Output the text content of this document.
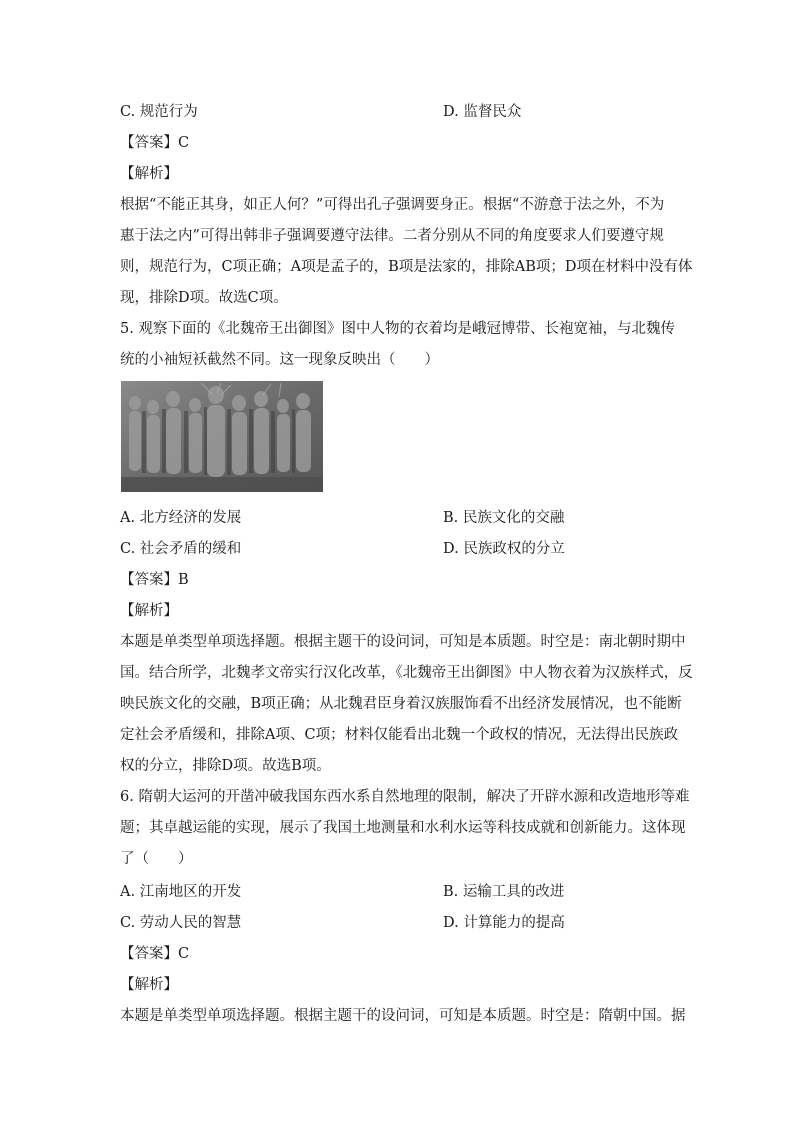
C. 规范行为	D. 监督民众
【答案】C
【解析】
根据“不能正其身，如正人何？”可得出孔子强调要身正。根据“不游意于法之外，不为
惠于法之内”可得出韩非子强调要遵守法律。二者分别从不同的角度要求人们要遵守规
则，规范行为，C项正确；A项是孟子的，B项是法家的，排除AB项；D项在材料中没有体
现，排除D项。故选C项。
5. 观察下面的《北魏帝王出御图》图中人物的衣着均是峨冠博带、长袍宽袖，与北魏传
统的小袖短袄截然不同。这一现象反映出（　　）
A. 北方经济的发展	B. 民族文化的交融
C. 社会矛盾的缓和	D. 民族政权的分立
【答案】B
【解析】
本题是单类型单项选择题。根据主题干的设问词，可知是本质题。时空是：南北朝时期中
国。结合所学，北魏孝文帝实行汉化改革，《北魏帝王出御图》中人物衣着为汉族样式，反
映民族文化的交融，B项正确；从北魏君臣身着汉族服饰看不出经济发展情况，也不能断
定社会矛盾缓和，排除A项、C项；材料仅能看出北魏一个政权的情况，无法得出民族政
权的分立，排除D项。故选B项。
6. 隋朝大运河的开凿冲破我国东西水系自然地理的限制，解决了开辟水源和改造地形等难
题；其卓越运能的实现，展示了我国土地测量和水利水运等科技成就和创新能力。这体现
了（　　）
A. 江南地区的开发	B. 运输工具的改进
C. 劳动人民的智慧	D. 计算能力的提高
【答案】C
【解析】
本题是单类型单项选择题。根据主题干的设问词，可知是本质题。时空是：隋朝中国。据
